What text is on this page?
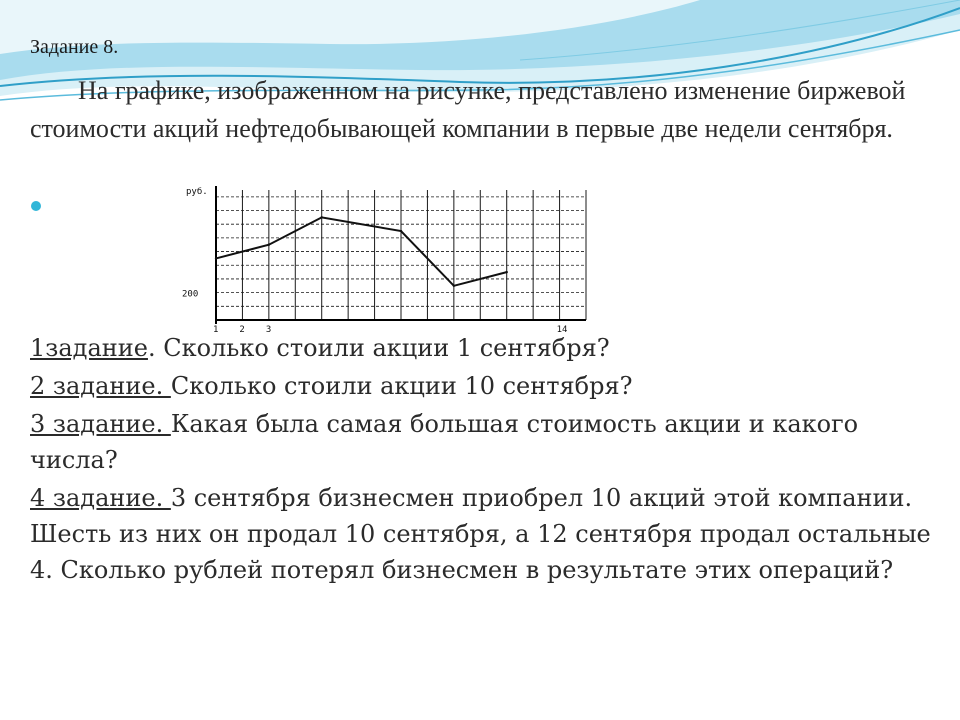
Задание 8.
На графике, изображенном на рисунке, представлено изменение биржевой стоимости акций нефтедобывающей компании в первые две недели сентября.
руб.
200
1 2 3	14
1задание. Сколько стоили акции 1 сентября?
2 задание. Сколько стоили акции 10 сентября?
3 задание. Какая была самая большая стоимость акции и какого числа?
4 задание. 3 сентября бизнесмен приобрел 10 акций этой компании. Шесть из них он продал 10 сентября, а 12 сентября продал остальные 4. Сколько рублей потерял бизнесмен в результате этих операций?
